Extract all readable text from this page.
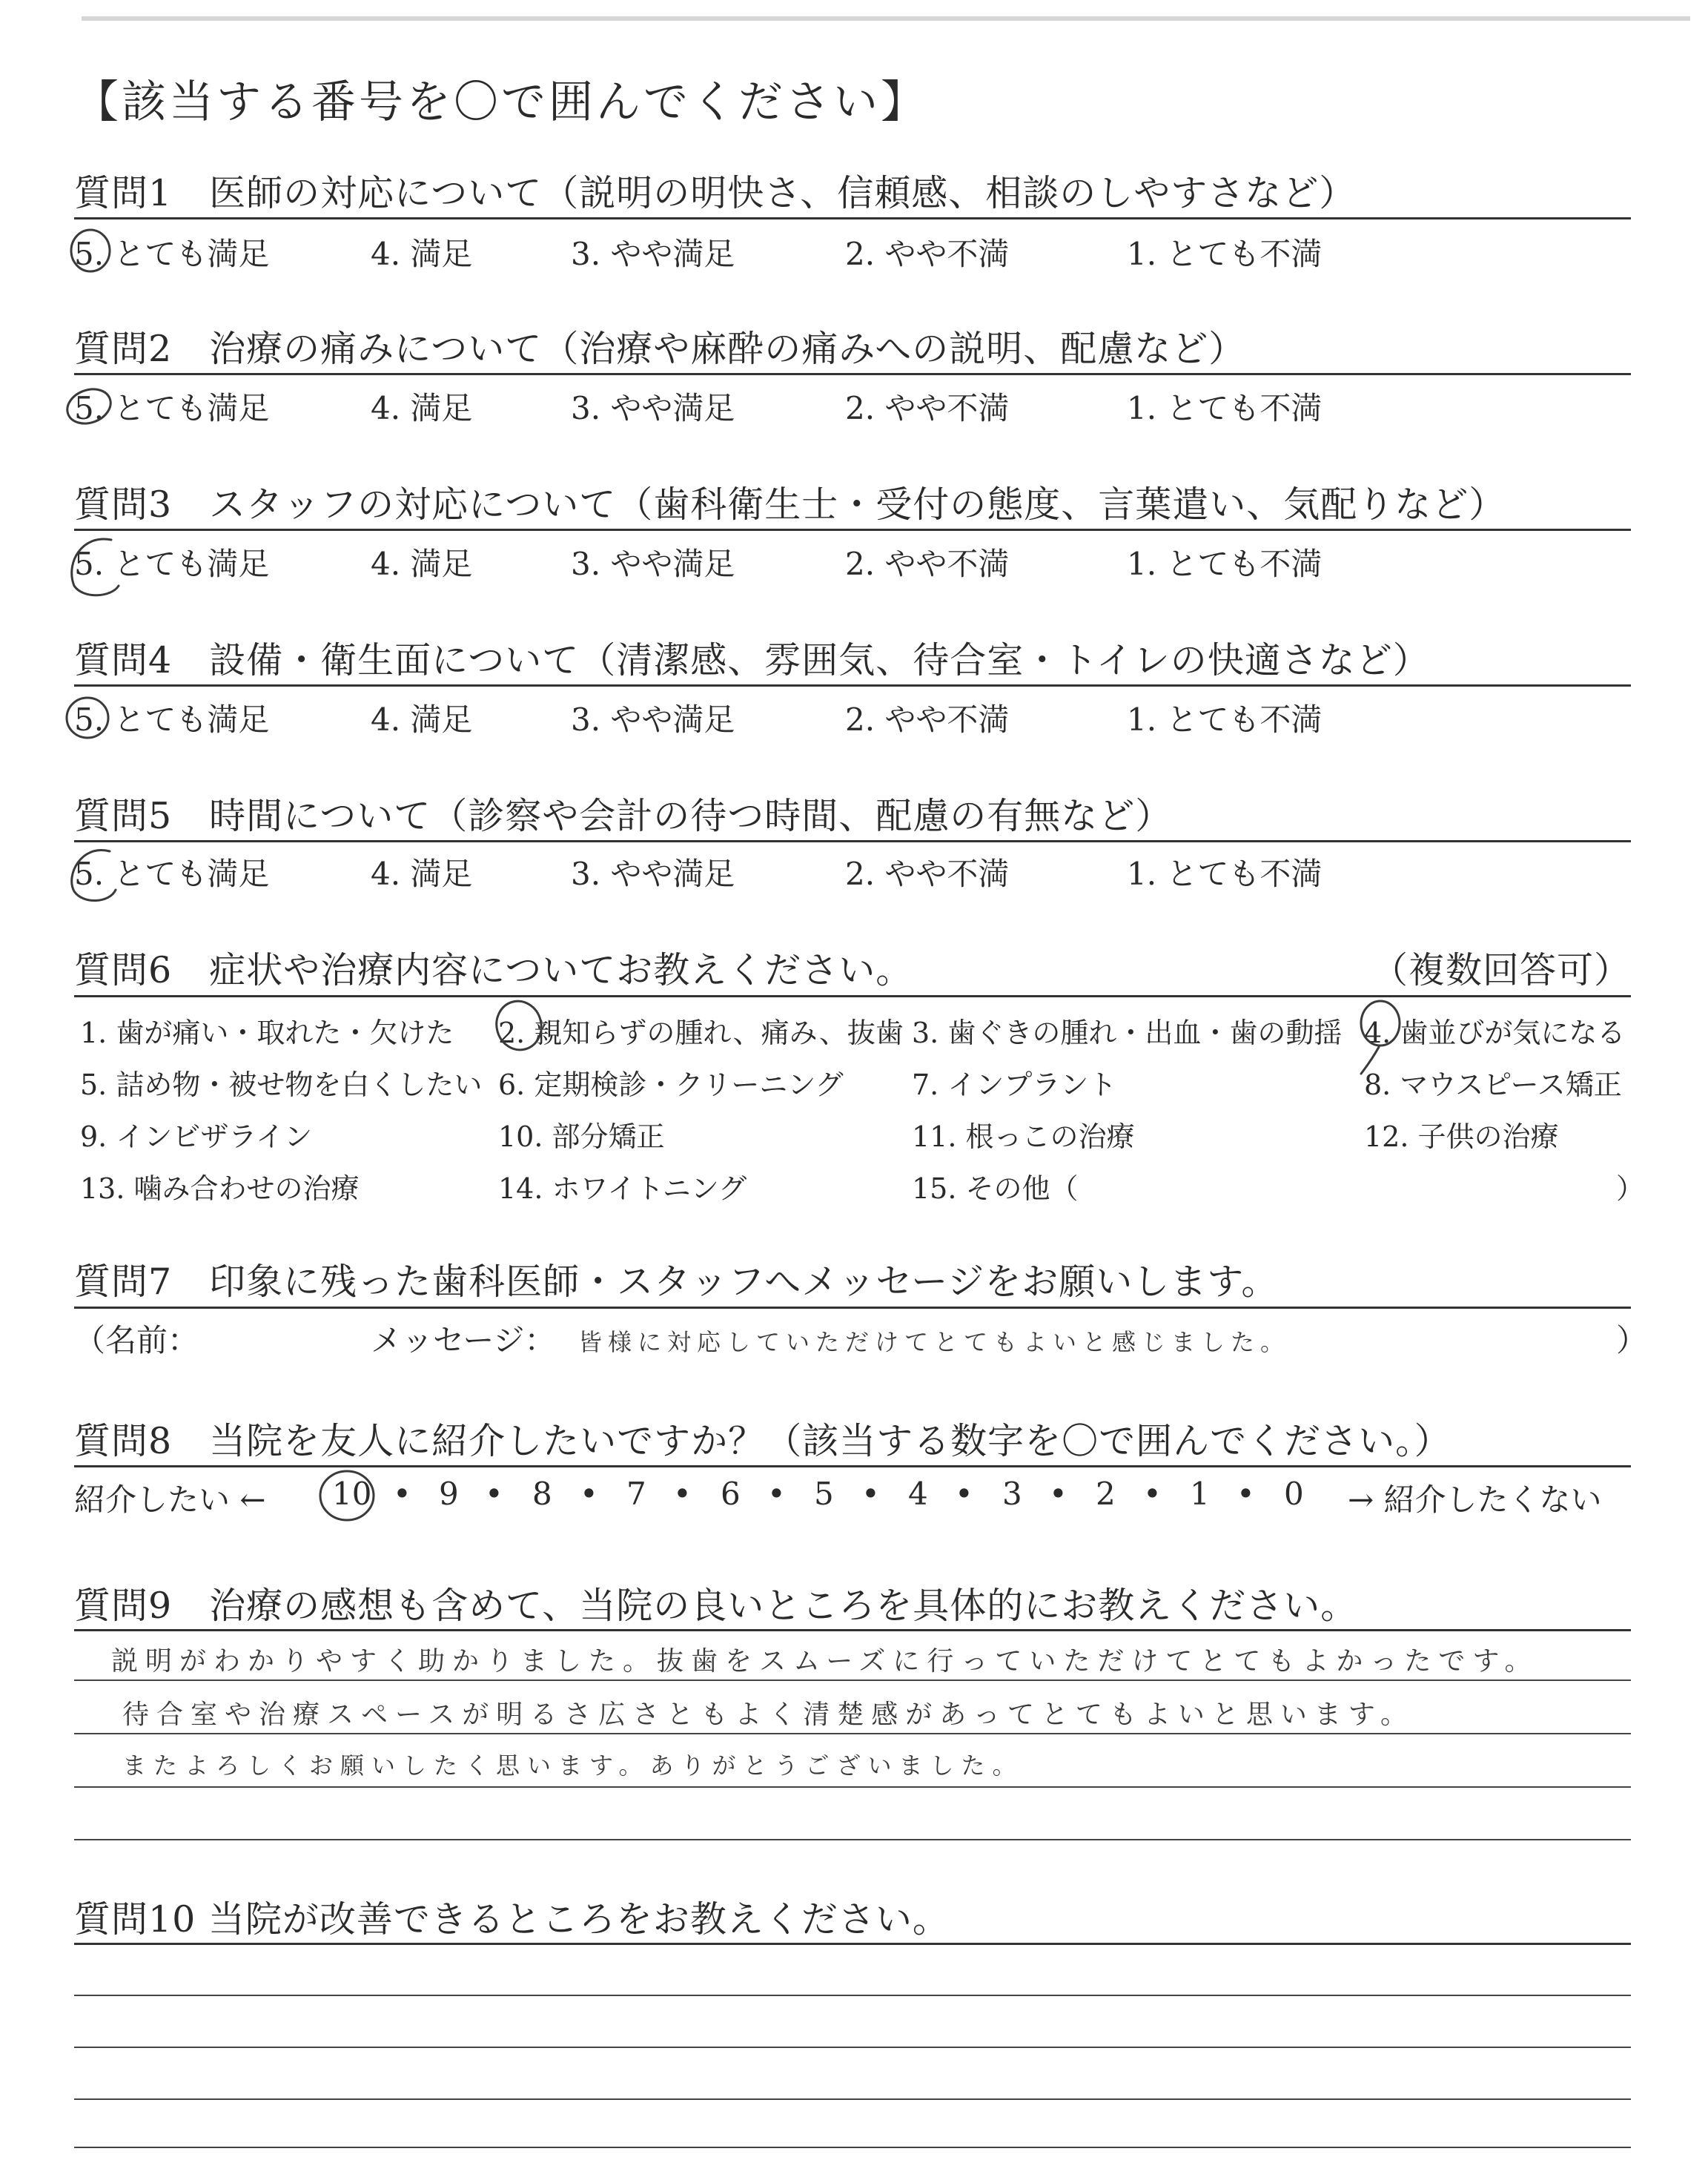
【該当する番号を〇で囲んでください】
質問1　医師の対応について（説明の明快さ、信頼感、相談のしやすさなど）
5. とても満足	4. 満足	3. やや満足	2. やや不満	1. とても不満
質問2　治療の痛みについて（治療や麻酔の痛みへの説明、配慮など）
5. とても満足	4. 満足	3. やや満足	2. やや不満	1. とても不満
質問3　スタッフの対応について（歯科衛生士・受付の態度、言葉遣い、気配りなど）
5. とても満足	4. 満足	3. やや満足	2. やや不満	1. とても不満
質問4　設備・衛生面について（清潔感、雰囲気、待合室・トイレの快適さなど）
5. とても満足	4. 満足	3. やや満足	2. やや不満	1. とても不満
質問5　時間について（診察や会計の待つ時間、配慮の有無など）
5. とても満足	4. 満足	3. やや満足	2. やや不満	1. とても不満
質問6　症状や治療内容についてお教えください。	（複数回答可）
1. 歯が痛い・取れた・欠けた 2. 親知らずの腫れ、痛み、抜歯 3. 歯ぐきの腫れ・出血・歯の動揺 4. 歯並びが気になる
5. 詰め物・被せ物を白くしたい 6. 定期検診・クリーニング 7. インプラント	8. マウスピース矯正
9. インビザライン	10. 部分矯正	11. 根っこの治療	12. 子供の治療
13. 噛み合わせの治療	14. ホワイトニング	15. その他（	）
質問7　印象に残った歯科医師・スタッフへメッセージをお願いします。
（名前：	メッセージ： 皆様に対応していただけてとてもよいと感じました。	）
質問8　当院を友人に紹介したいですか？（該当する数字を〇で囲んでください。）
紹介したい ← 10 • 9 • 8 • 7 • 6 • 5 • 4 • 3 • 2 • 1 • 0 → 紹介したくない
質問9　治療の感想も含めて、当院の良いところを具体的にお教えください。
説明がわかりやすく助かりました。抜歯をスムーズに行っていただけてとてもよかったです。
待合室や治療スペースが明るさ広さともよく清楚感があってとてもよいと思います。
またよろしくお願いしたく思います。ありがとうございました。
質問10 当院が改善できるところをお教えください。
